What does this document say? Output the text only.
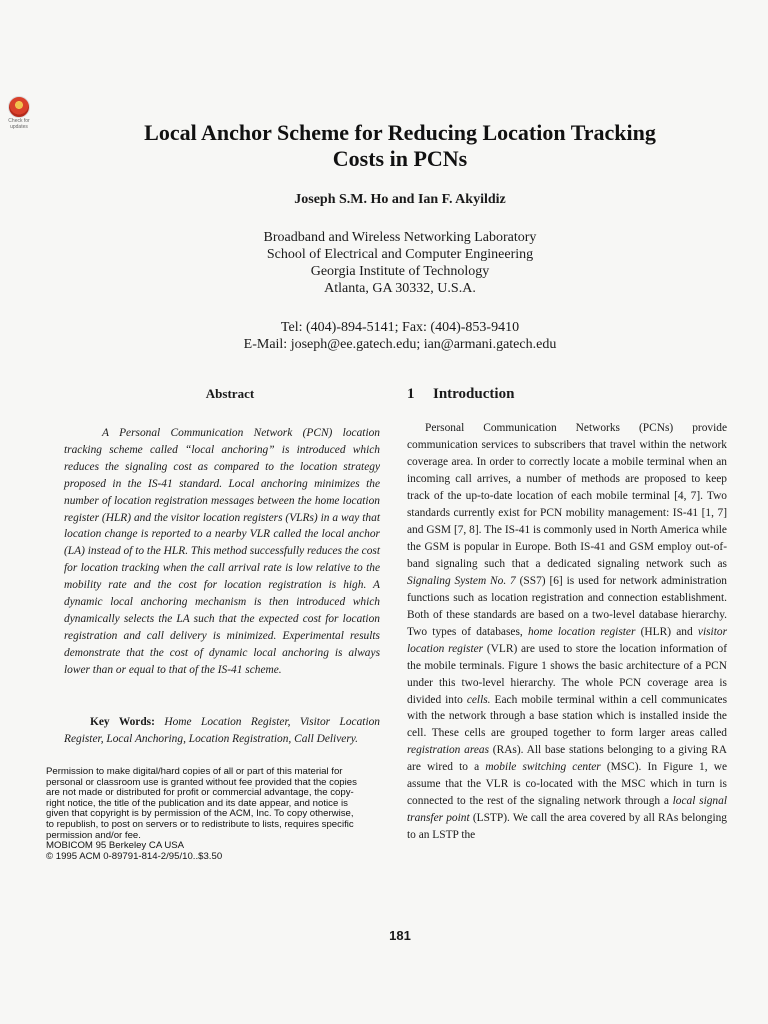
Check for
updates	Local Anchor Scheme for Reducing Location Tracking
Costs in PCNs
Joseph S.M. Ho and Ian F. Akyildiz
Broadband and Wireless Networking Laboratory
School of Electrical and Computer Engineering
Georgia Institute of Technology
Atlanta, GA 30332, U.S.A.
Tel: (404)-894-5141; Fax: (404)-853-9410
E-Mail: joseph@ee.gatech.edu; ian@armani.gatech.edu
Abstract	1 Introduction

A Personal Communication Network (PCN) location tracking scheme called “local anchoring” is introduced which reduces the signaling cost as compared to the location strategy proposed in the IS-41 standard. Local anchoring minimizes the number of location registration messages between the home location register (HLR) and the visitor location registers (VLRs) in a way that location change is reported to a nearby VLR called the local anchor (LA) instead of to the HLR. This method successfully reduces the cost for location tracking when the call arrival rate is low relative to the mobility rate and the cost for location registration is high. A dynamic local anchoring mechanism is then introduced which dynamically selects the LA such that the expected cost for location registration and call delivery is minimized. Experimental results demonstrate that the cost of dynamic local anchoring is always lower than or equal to that of the IS-41 scheme.

Key Words: Home Location Register, Visitor Location Register, Local Anchoring, Location Registration, Call Delivery.

Permission to make digital/hard copies of all or part of this material for
personal or classroom use is granted without fee provided that the copies
are not made or distributed for profit or commercial advantage, the copy-
right notice, the title of the publication and its date appear, and notice is
given that copyright is by permission of the ACM, Inc. To copy otherwise,
to republish, to post on servers or to redistribute to lists, requires specific
permission and/or fee.
MOBICOM 95 Berkeley CA USA
© 1995 ACM 0-89791-814-2/95/10..$3.50

Personal Communication Networks (PCNs) provide communication services to subscribers that travel within the network coverage area. In order to correctly locate a mobile terminal when an incoming call arrives, a number of methods are proposed to keep track of the up-to-date location of each mobile terminal [4, 7]. Two standards currently exist for PCN mobility management: IS-41 [1, 7] and GSM [7, 8]. The IS-41 is commonly used in North America while the GSM is popular in Europe. Both IS-41 and GSM employ out-of-band signaling such that a dedicated signaling network such as Signaling System No. 7 (SS7) [6] is used for network administration functions such as location registration and connection establishment. Both of these standards are based on a two-level database hierarchy. Two types of databases, home location register (HLR) and visitor location register (VLR) are used to store the location information of the mobile terminals. Figure 1 shows the basic architecture of a PCN under this two-level hierarchy. The whole PCN coverage area is divided into cells. Each mobile terminal within a cell communicates with the network through a base station which is installed inside the cell. These cells are grouped together to form larger areas called registration areas (RAs). All base stations belonging to a giving RA are wired to a mobile switching center (MSC). In Figure 1, we assume that the VLR is co-located with the MSC which in turn is connected to the rest of the signaling network through a local signal transfer point (LSTP). We call the area covered by all RAs belonging to an LSTP the

181
